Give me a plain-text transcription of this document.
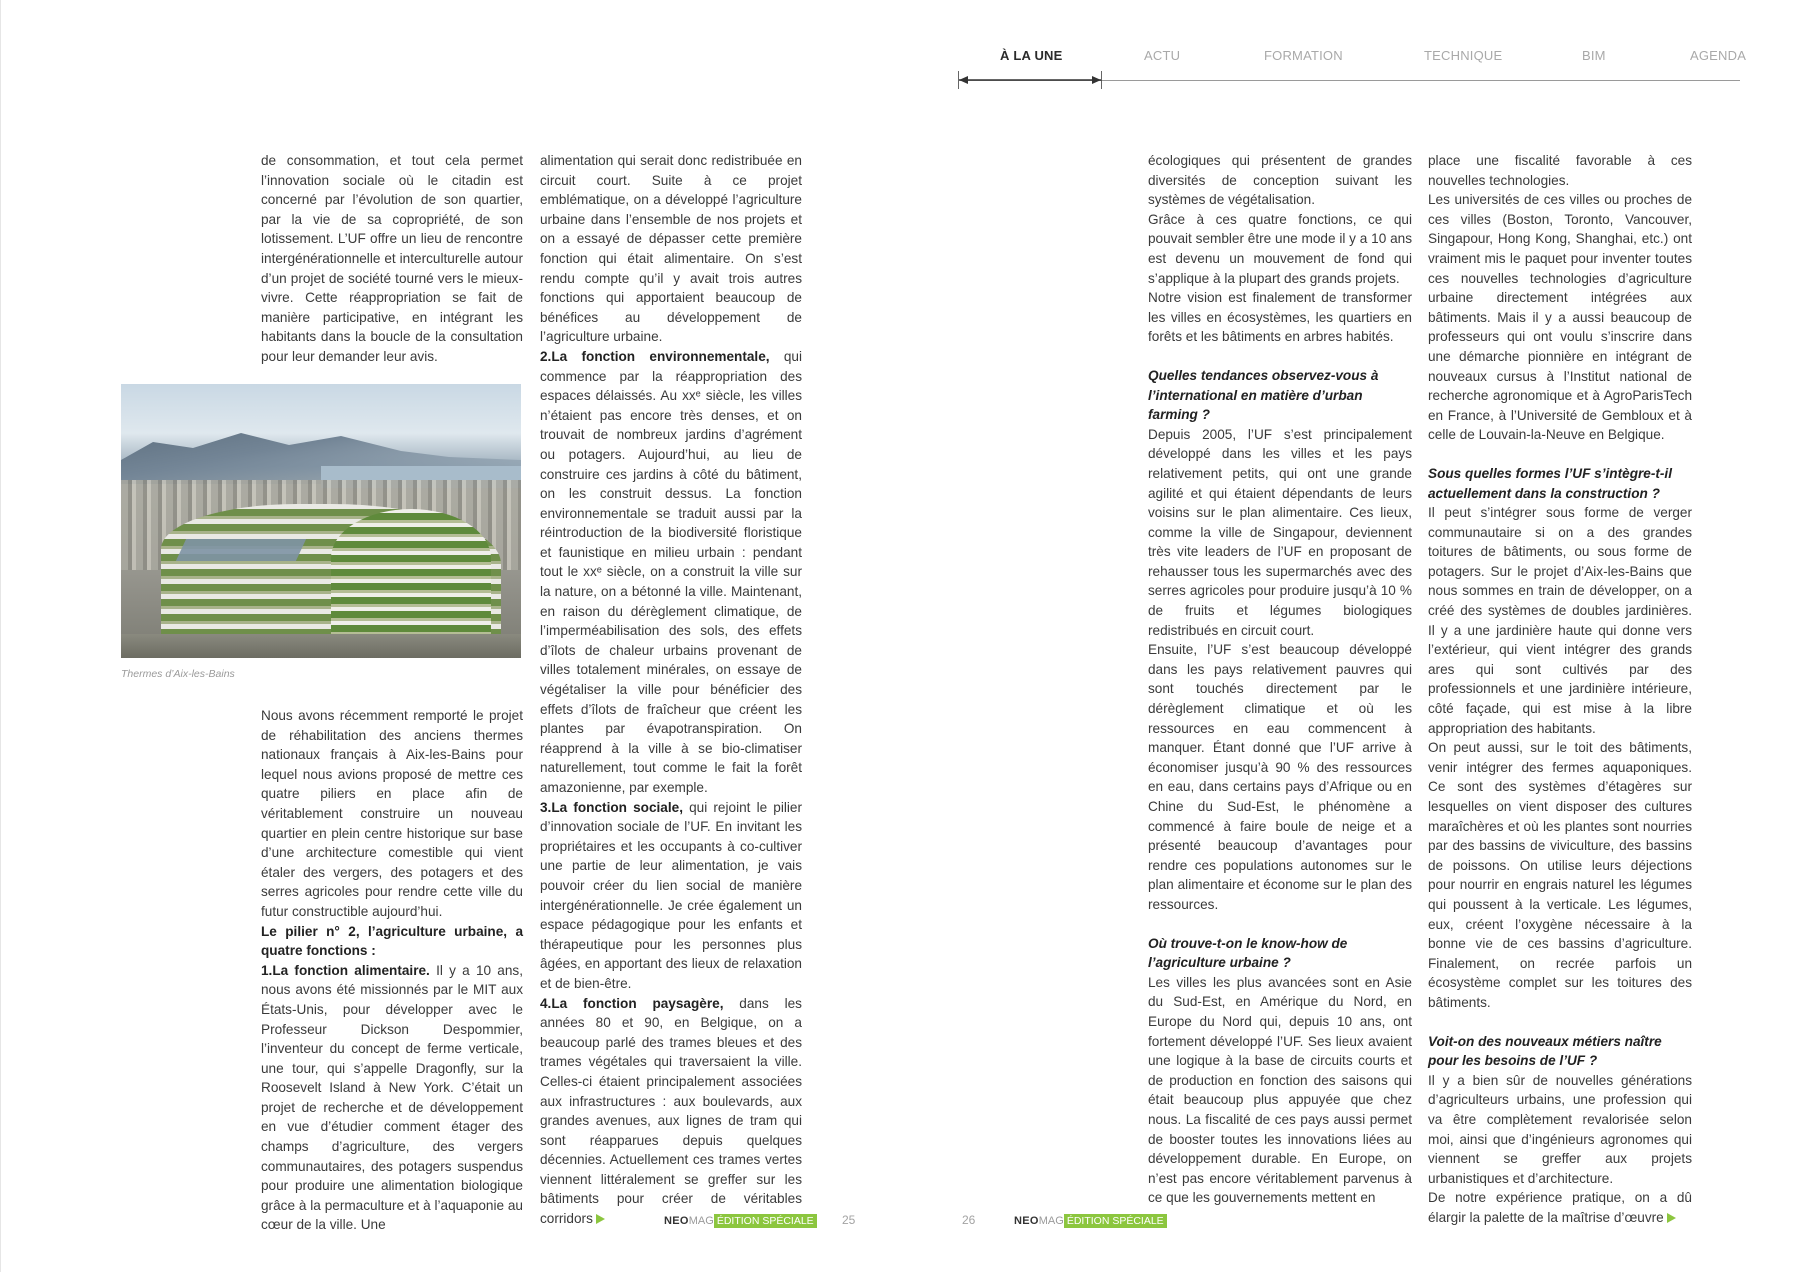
À LA UNE	ACTU	FORMATION	TECHNIQUE	BIM	AGENDA

de consommation, et tout cela permet l’innovation sociale où le citadin est concerné par l’évolution de son quartier, par la vie de sa copropriété, de son lotissement. L’UF offre un lieu de rencontre intergénérationnelle et interculturelle autour d’un projet de société tourné vers le mieux-vivre. Cette réappropriation se fait de manière participative, en intégrant les habitants dans la boucle de la consultation pour leur demander leur avis.

Thermes d’Aix-les-Bains

Nous avons récemment remporté le projet de réhabilitation des anciens thermes nationaux français à Aix-les-Bains pour lequel nous avions proposé de mettre ces quatre piliers en place afin de véritablement construire un nouveau quartier en plein centre historique sur base d’une architecture comestible qui vient étaler des vergers, des potagers et des serres agricoles pour rendre cette ville du futur constructible aujourd’hui.

Le pilier n° 2, l’agriculture urbaine, a quatre fonctions :

1.La fonction alimentaire. Il y a 10 ans, nous avons été missionnés par le MIT aux États-Unis, pour développer avec le Professeur Dickson Despommier, l’inventeur du concept de ferme verticale, une tour, qui s’appelle Dragonfly, sur la Roosevelt Island à New York. C’était un projet de recherche et de développement en vue d’étudier comment étager des champs d’agriculture, des vergers communautaires, des potagers suspendus pour produire une alimentation biologique grâce à la permaculture et à l’aquaponie au cœur de la ville. Une

alimentation qui serait donc redistribuée en circuit court. Suite à ce projet emblématique, on a développé l’agriculture urbaine dans l’ensemble de nos projets et on a essayé de dépasser cette première fonction qui était alimentaire. On s’est rendu compte qu’il y avait trois autres fonctions qui apportaient beaucoup de bénéfices au développement de l’agriculture urbaine.

2.La fonction environnementale, qui commence par la réappropriation des espaces délaissés. Au xxᵉ siècle, les villes n’étaient pas encore très denses, et on trouvait de nombreux jardins d’agrément ou potagers. Aujourd’hui, au lieu de construire ces jardins à côté du bâtiment, on les construit dessus. La fonction environnementale se traduit aussi par la réintroduction de la biodiversité floristique et faunistique en milieu urbain : pendant tout le xxᵉ siècle, on a construit la ville sur la nature, on a bétonné la ville. Maintenant, en raison du dérèglement climatique, de l’imperméabilisation des sols, des effets d’îlots de chaleur urbains provenant de villes totalement minérales, on essaye de végétaliser la ville pour bénéficier des effets d’îlots de fraîcheur que créent les plantes par évapotranspiration. On réapprend à la ville à se bio-climatiser naturellement, tout comme le fait la forêt amazonienne, par exemple.

3.La fonction sociale, qui rejoint le pilier d’innovation sociale de l’UF. En invitant les propriétaires et les occupants à co-cultiver une partie de leur alimentation, je vais pouvoir créer du lien social de manière intergénérationnelle. Je crée également un espace pédagogique pour les enfants et thérapeutique pour les personnes plus âgées, en apportant des lieux de relaxation et de bien-être.

4.La fonction paysagère, dans les années 80 et 90, en Belgique, on a beaucoup parlé des trames bleues et des trames végétales qui traversaient la ville. Celles-ci étaient principalement associées aux infrastructures : aux boulevards, aux grandes avenues, aux lignes de tram qui sont réapparues depuis quelques décennies. Actuellement ces trames vertes viennent littéralement se greffer sur les bâtiments pour créer de véritables corridors

écologiques qui présentent de grandes diversités de conception suivant les systèmes de végétalisation.

Grâce à ces quatre fonctions, ce qui pouvait sembler être une mode il y a 10 ans est devenu un mouvement de fond qui s’applique à la plupart des grands projets.

Notre vision est finalement de transformer les villes en écosystèmes, les quartiers en forêts et les bâtiments en arbres habités.

Quelles tendances observez-vous à l’international en matière d’urban farming ?

Depuis 2005, l’UF s’est principalement développé dans les villes et les pays relativement petits, qui ont une grande agilité et qui étaient dépendants de leurs voisins sur le plan alimentaire. Ces lieux, comme la ville de Singapour, deviennent très vite leaders de l’UF en proposant de rehausser tous les supermarchés avec des serres agricoles pour produire jusqu’à 10 % de fruits et légumes biologiques redistribués en circuit court.

Ensuite, l’UF s’est beaucoup développé dans les pays relativement pauvres qui sont touchés directement par le dérèglement climatique et où les ressources en eau commencent à manquer. Étant donné que l’UF arrive à économiser jusqu’à 90 % des ressources en eau, dans certains pays d’Afrique ou en Chine du Sud-Est, le phénomène a commencé à faire boule de neige et a présenté beaucoup d’avantages pour rendre ces populations autonomes sur le plan alimentaire et économe sur le plan des ressources.

Où trouve-t-on le know-how de l’agriculture urbaine ?

Les villes les plus avancées sont en Asie du Sud-Est, en Amérique du Nord, en Europe du Nord qui, depuis 10 ans, ont fortement développé l’UF. Ses lieux avaient une logique à la base de circuits courts et de production en fonction des saisons qui était beaucoup plus appuyée que chez nous. La fiscalité de ces pays aussi permet de booster toutes les innovations liées au développement durable. En Europe, on n’est pas encore véritablement parvenus à ce que les gouvernements mettent en

place une fiscalité favorable à ces nouvelles technologies.

Les universités de ces villes ou proches de ces villes (Boston, Toronto, Vancouver, Singapour, Hong Kong, Shanghai, etc.) ont vraiment mis le paquet pour inventer toutes ces nouvelles technologies d’agriculture urbaine directement intégrées aux bâtiments. Mais il y a aussi beaucoup de professeurs qui ont voulu s’inscrire dans une démarche pionnière en intégrant de nouveaux cursus à l’Institut national de recherche agronomique et à AgroParisTech en France, à l’Université de Gembloux et à celle de Louvain-la-Neuve en Belgique.

Sous quelles formes l’UF s’intègre-t-il actuellement dans la construction ?

Il peut s’intégrer sous forme de verger communautaire si on a des grandes toitures de bâtiments, ou sous forme de potagers. Sur le projet d’Aix-les-Bains que nous sommes en train de développer, on a créé des systèmes de doubles jardinières. Il y a une jardinière haute qui donne vers l’extérieur, qui vient intégrer des grands ares qui sont cultivés par des professionnels et une jardinière intérieure, côté façade, qui est mise à la libre appropriation des habitants.

On peut aussi, sur le toit des bâtiments, venir intégrer des fermes aquaponiques. Ce sont des systèmes d’étagères sur lesquelles on vient disposer des cultures maraîchères et où les plantes sont nourries par des bassins de viviculture, des bassins de poissons. On utilise leurs déjections pour nourrir en engrais naturel les légumes qui poussent à la verticale. Les légumes, eux, créent l’oxygène nécessaire à la bonne vie de ces bassins d’agriculture. Finalement, on recrée parfois un écosystème complet sur les toitures des bâtiments.

Voit-on des nouveaux métiers naître pour les besoins de l’UF ?

Il y a bien sûr de nouvelles générations d’agriculteurs urbains, une profession qui va être complètement revalorisée selon moi, ainsi que d’ingénieurs agronomes qui viennent se greffer aux projets urbanistiques et d’architecture.

De notre expérience pratique, on a dû élargir la palette de la maîtrise d’œuvre

NEOMAG ÉDITION SPÉCIALE 25	26	NEOMAG ÉDITION SPÉCIALE
